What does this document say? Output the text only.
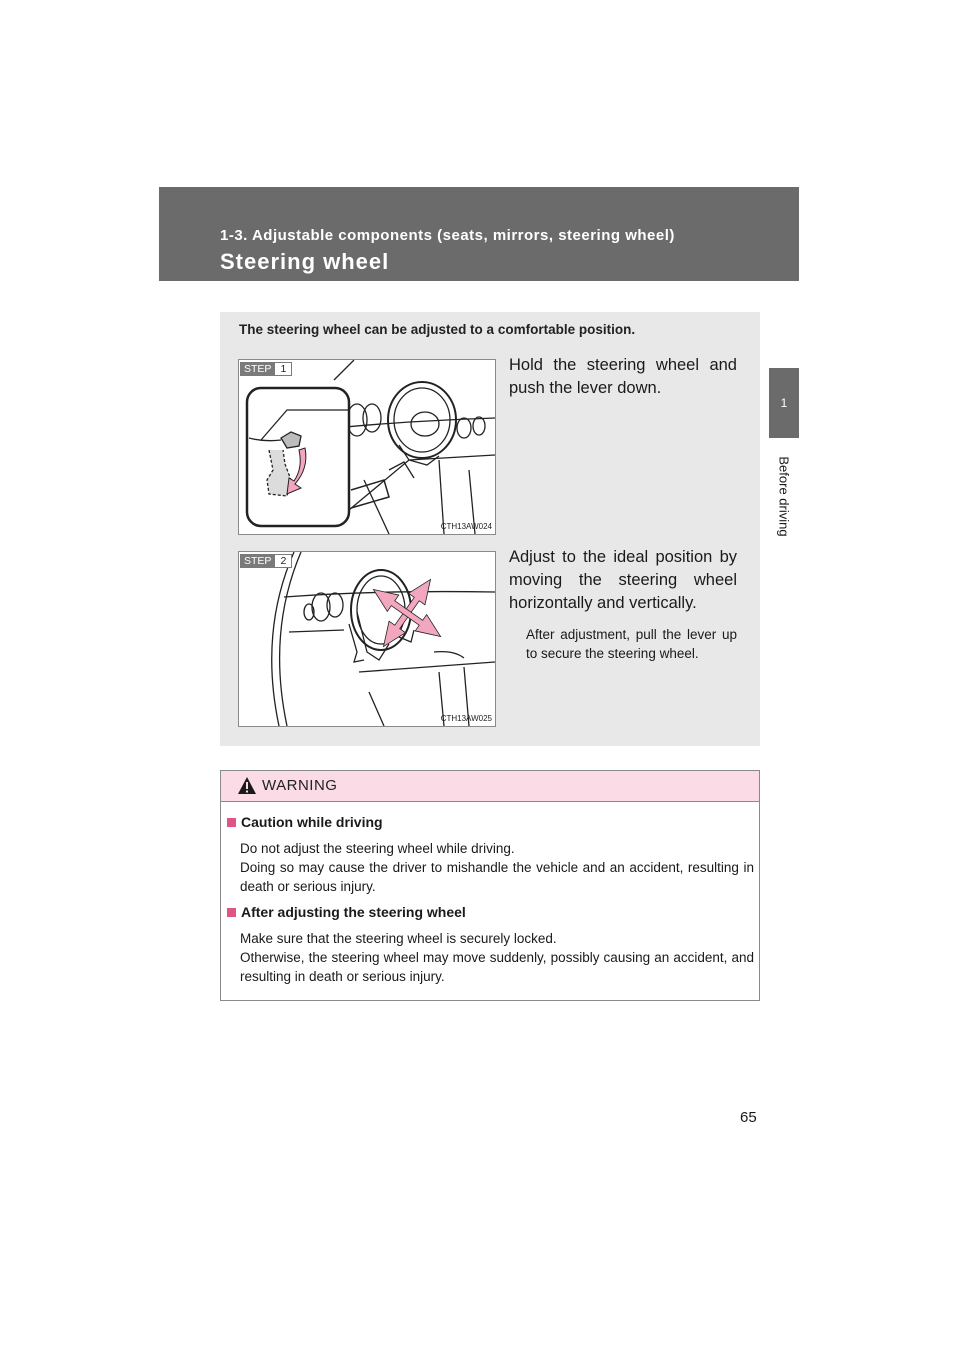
1-3. Adjustable components (seats, mirrors, steering wheel)
Steering wheel
1
Before driving
The steering wheel can be adjusted to a comfortable position.
STEP 1
CTH13AW024
Hold the steering wheel and push the lever down.
STEP 2
CTH13AW025
Adjust to the ideal position by moving the steering wheel horizontally and vertically.
After adjustment, pull the lever up to secure the steering wheel.
WARNING
Caution while driving

Do not adjust the steering wheel while driving.

Doing so may cause the driver to mishandle the vehicle and an accident, resulting in death or serious injury.

After adjusting the steering wheel

Make sure that the steering wheel is securely locked.

Otherwise, the steering wheel may move suddenly, possibly causing an accident, and resulting in death or serious injury.

65
